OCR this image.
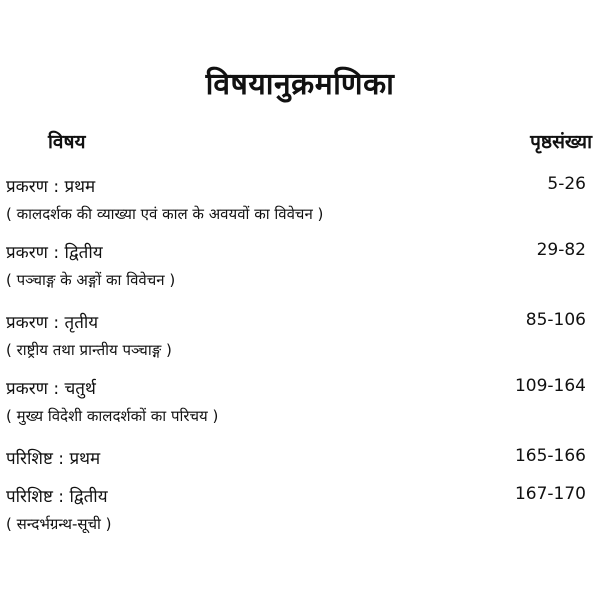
विषयानुक्रमणिका
विषय	पृष्ठसंख्या
प्रकरण : प्रथम	5-26
( कालदर्शक की व्याख्या एवं काल के अवयवों का विवेचन )
प्रकरण : द्वितीय	29-82
( पञ्चाङ्ग के अङ्गों का विवेचन )
प्रकरण : तृतीय	85-106
( राष्ट्रीय तथा प्रान्तीय पञ्चाङ्ग )
प्रकरण : चतुर्थ	109-164
( मुख्य विदेशी कालदर्शकों का परिचय )
परिशिष्ट : प्रथम	165-166
परिशिष्ट : द्वितीय	167-170
( सन्दर्भग्रन्थ-सूची )
